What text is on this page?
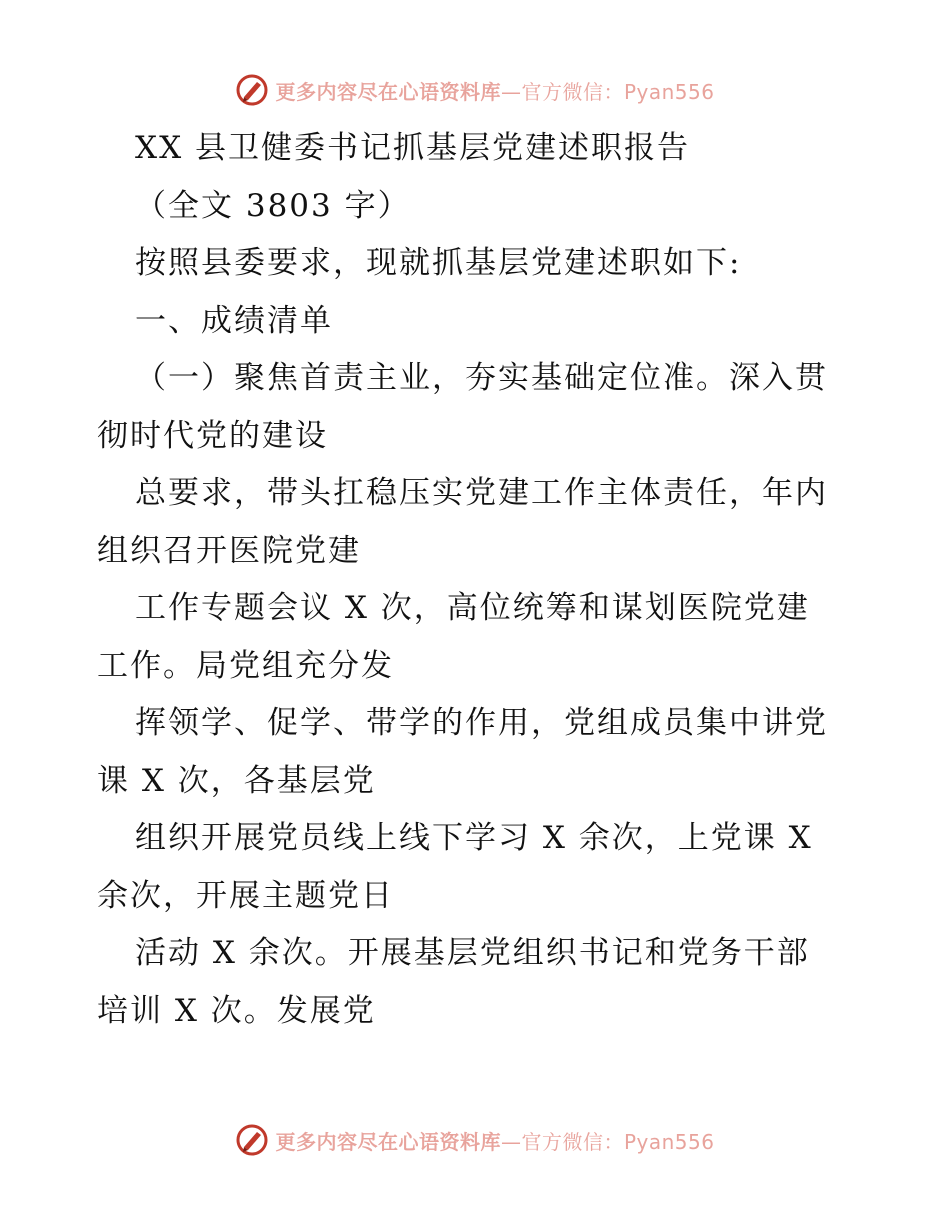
更多内容尽在心语资料库—官方微信：Pyan556
XX 县卫健委书记抓基层党建述职报告
（全文 3803 字）
按照县委要求，现就抓基层党建述职如下:
一、成绩清单
（一）聚焦首责主业，夯实基础定位准。深入贯
彻时代党的建设
总要求，带头扛稳压实党建工作主体责任，年内
组织召开医院党建
工作专题会议 X 次，高位统筹和谋划医院党建
工作。局党组充分发
挥领学、促学、带学的作用，党组成员集中讲党
课 X 次，各基层党
组织开展党员线上线下学习 X 余次，上党课 X
余次，开展主题党日
活动 X 余次。开展基层党组织书记和党务干部
培训 X 次。发展党
更多内容尽在心语资料库—官方微信：Pyan556
